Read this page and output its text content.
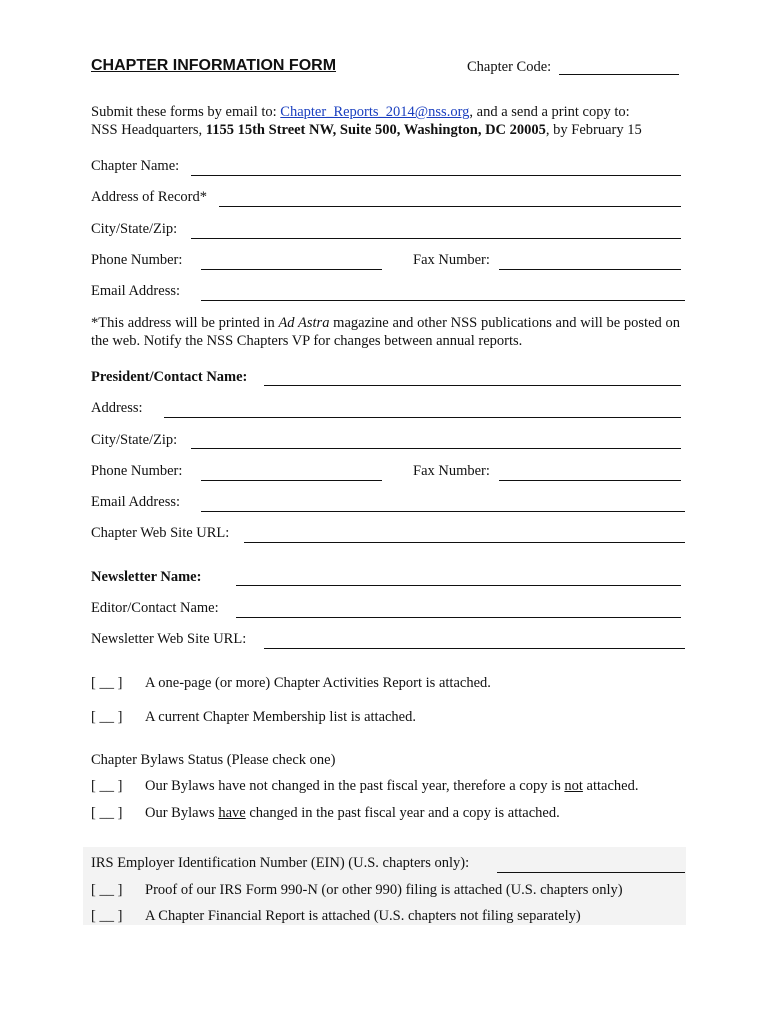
CHAPTER INFORMATION FORM	Chapter Code:
Submit these forms by email to: Chapter_Reports_2014@nss.org, and a send a print copy to:
NSS Headquarters, 1155 15th Street NW, Suite 500, Washington, DC 20005, by February 15
Chapter Name:
Address of Record*
City/State/Zip:
Phone Number:	Fax Number:
Email Address:
*This address will be printed in Ad Astra magazine and other NSS publications and will be posted on the web. Notify the NSS Chapters VP for changes between annual reports.
President/Contact Name:
Address:
City/State/Zip:
Phone Number:	Fax Number:
Email Address:
Chapter Web Site URL:
Newsletter Name:
Editor/Contact Name:
Newsletter Web Site URL:
[ __ ] A one-page (or more) Chapter Activities Report is attached.
[ __ ] A current Chapter Membership list is attached.
Chapter Bylaws Status (Please check one)
[ __ ] Our Bylaws have not changed in the past fiscal year, therefore a copy is not attached.
[ __ ] Our Bylaws have changed in the past fiscal year and a copy is attached.
IRS Employer Identification Number (EIN) (U.S. chapters only):
[ __ ] Proof of our IRS Form 990-N (or other 990) filing is attached (U.S. chapters only)
[ __ ] A Chapter Financial Report is attached (U.S. chapters not filing separately)
